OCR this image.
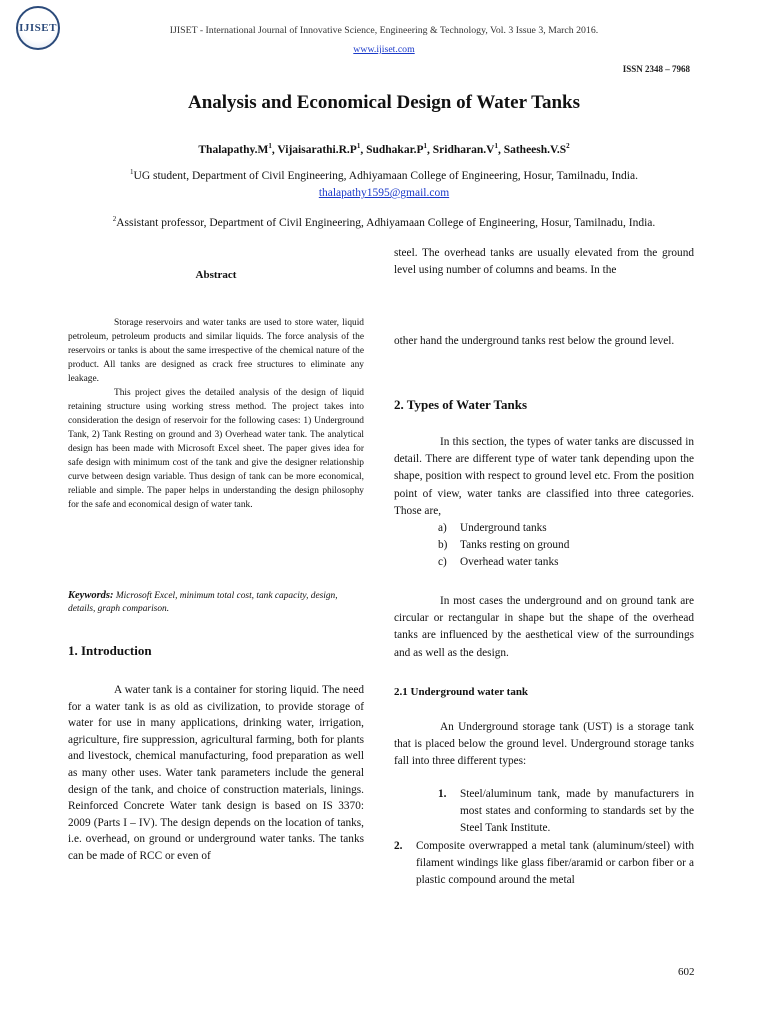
IJISET	IJISET - International Journal of Innovative Science, Engineering & Technology, Vol. 3 Issue 3, March 2016.
www.ijiset.com
ISSN 2348 – 7968
Analysis and Economical Design of Water Tanks
$Thalapathy.M^1$, $Vijaisarathi.R.P^1$, $Sudhakar.P^1$, $Sridharan.V^1$, $Satheesh.V.S^2$
$^1$UG student, Department of Civil Engineering, Adhiyamaan College of Engineering, Hosur, Tamilnadu, India.
thalapathy1595@gmail.com
$^2$Assistant professor, Department of Civil Engineering, Adhiyamaan College of Engineering, Hosur, Tamilnadu, India.
Abstract

Storage reservoirs and water tanks are used to store water, liquid petroleum, petroleum products and similar liquids. The force analysis of the reservoirs or tanks is about the same irrespective of the chemical nature of the product. All tanks are designed as crack free structures to eliminate any leakage.

This project gives the detailed analysis of the design of liquid retaining structure using working stress method. The project takes into consideration the design of reservoir for the following cases: 1) Underground Tank, 2) Tank Resting on ground and 3) Overhead water tank. The analytical design has been made with Microsoft Excel sheet. The paper gives idea for safe design with minimum cost of the tank and give the designer relationship curve between design variable. Thus design of tank can be more economical, reliable and simple. The paper helps in understanding the design philosophy for the safe and economical design of water tank.

Keywords: Microsoft Excel, minimum total cost, tank capacity, design, details, graph comparison.
1. Introduction

A water tank is a container for storing liquid. The need for a water tank is as old as civilization, to provide storage of water for use in many applications, drinking water, irrigation, agriculture, fire suppression, agricultural farming, both for plants and livestock, chemical manufacturing, food preparation as well as many other uses. Water tank parameters include the general design of the tank, and choice of construction materials, linings. Reinforced Concrete Water tank design is based on IS 3370: 2009 (Parts I – IV). The design depends on the location of tanks, i.e. overhead, on ground or underground water tanks. The tanks can be made of RCC or even of

steel. The overhead tanks are usually elevated from the ground level using number of columns and beams. In the

other hand the underground tanks rest below the ground level.

2. Types of Water Tanks

In this section, the types of water tanks are discussed in detail. There are different type of water tank depending upon the shape, position with respect to ground level etc. From the position point of view, water tanks are classified into three categories. Those are,

a) Underground tanks
b) Tanks resting on ground
c) Overhead water tanks

In most cases the underground and on ground tank are circular or rectangular in shape but the shape of the overhead tanks are influenced by the aesthetical view of the surroundings and as well as the design.

2.1 Underground water tank

An Underground storage tank (UST) is a storage tank that is placed below the ground level. Underground storage tanks fall into three different types:

1.	Steel/aluminum tank, made by manufacturers in most states and conforming to standards set by the Steel Tank Institute.
2.	Composite overwrapped a metal tank (aluminum/steel) with filament windings like glass fiber/aramid or carbon fiber or a plastic compound around the metal
602
